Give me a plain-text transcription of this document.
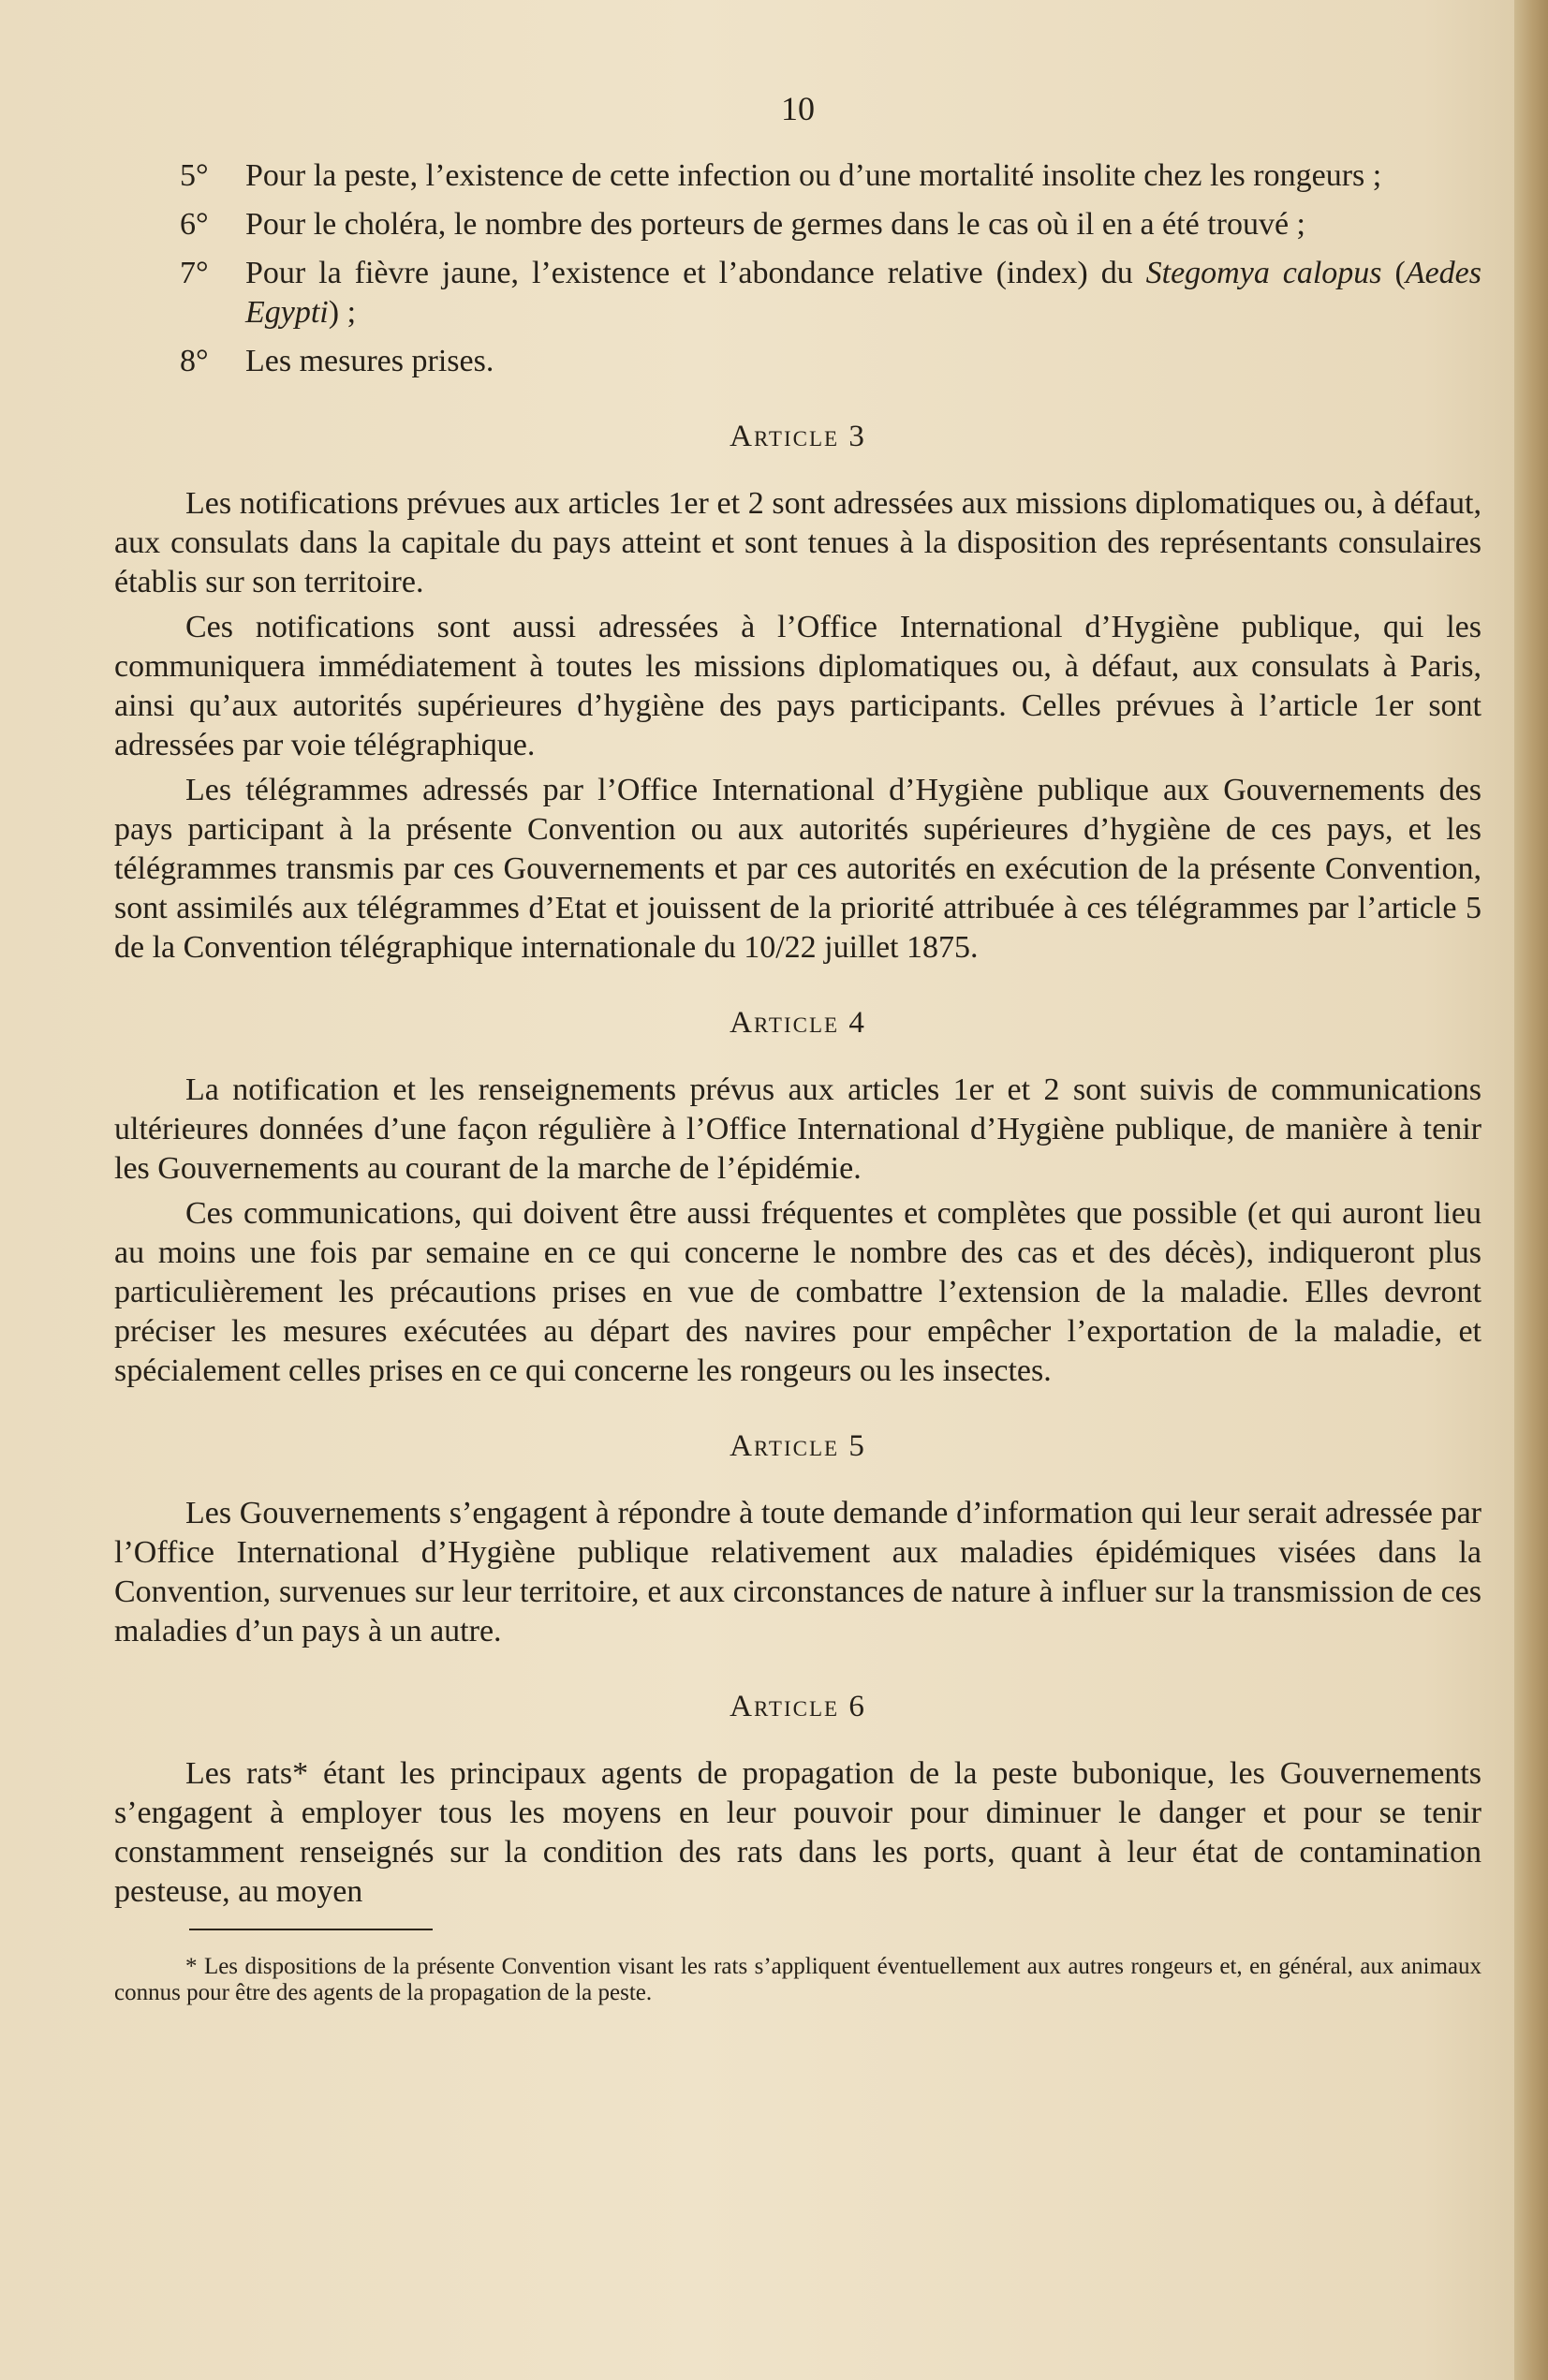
10
5° Pour la peste, l’existence de cette infection ou d’une mortalité insolite chez les rongeurs ;
6° Pour le choléra, le nombre des porteurs de germes dans le cas où il en a été trouvé ;
7° Pour la fièvre jaune, l’existence et l’abondance relative (index) du Stegomya calopus (Aedes Egypti) ;
8° Les mesures prises.
Article 3

Les notifications prévues aux articles 1er et 2 sont adressées aux missions diplomatiques ou, à défaut, aux consulats dans la capitale du pays atteint et sont tenues à la disposition des représentants consulaires établis sur son territoire.

Ces notifications sont aussi adressées à l’Office International d’Hygiène publique, qui les communiquera immédiatement à toutes les missions diplomatiques ou, à défaut, aux consulats à Paris, ainsi qu’aux autorités supérieures d’hygiène des pays participants. Celles prévues à l’article 1er sont adressées par voie télégraphique.

Les télégrammes adressés par l’Office International d’Hygiène publique aux Gouvernements des pays participant à la présente Convention ou aux autorités supérieures d’hygiène de ces pays, et les télégrammes transmis par ces Gouvernements et par ces autorités en exécution de la présente Convention, sont assimilés aux télégrammes d’Etat et jouissent de la priorité attribuée à ces télégrammes par l’article 5 de la Convention télégraphique internationale du 10/22 juillet 1875.

Article 4

La notification et les renseignements prévus aux articles 1er et 2 sont suivis de communications ultérieures données d’une façon régulière à l’Office International d’Hygiène publique, de manière à tenir les Gouvernements au courant de la marche de l’épidémie.

Ces communications, qui doivent être aussi fréquentes et complètes que possible (et qui auront lieu au moins une fois par semaine en ce qui concerne le nombre des cas et des décès), indiqueront plus particulièrement les précautions prises en vue de combattre l’extension de la maladie. Elles devront préciser les mesures exécutées au départ des navires pour empêcher l’exportation de la maladie, et spécialement celles prises en ce qui concerne les rongeurs ou les insectes.

Article 5

Les Gouvernements s’engagent à répondre à toute demande d’information qui leur serait adressée par l’Office International d’Hygiène publique relativement aux maladies épidémiques visées dans la Convention, survenues sur leur territoire, et aux circonstances de nature à influer sur la transmission de ces maladies d’un pays à un autre.

Article 6

Les rats* étant les principaux agents de propagation de la peste bubonique, les Gouvernements s’engagent à employer tous les moyens en leur pouvoir pour diminuer le danger et pour se tenir constamment renseignés sur la condition des rats dans les ports, quant à leur état de contamination pesteuse, au moyen

* Les dispositions de la présente Convention visant les rats s’appliquent éventuellement aux autres rongeurs et, en général, aux animaux connus pour être des agents de la propagation de la peste.
